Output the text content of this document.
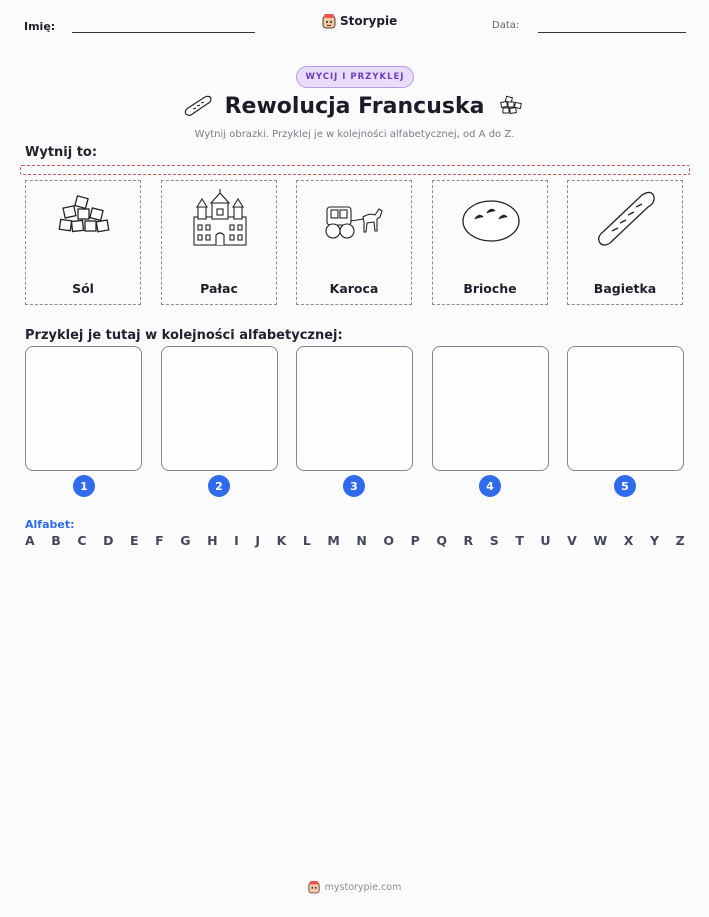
Imię:	Storypie	Data:
WYCIJ I PRZYKLEJ
Rewolucja Francuska
Wytnij obrazki. Przyklej je w kolejności alfabetycznej, od A do Z.
Wytnij to:
Sól	Pałac	Karoca	Brioche	Bagietka
Przyklej je tutaj w kolejności alfabetycznej:
1	2	3	4	5
Alfabet:
A B C D E F G H I J K L M N O P Q R S T U V W X Y Z
mystorypie.com
